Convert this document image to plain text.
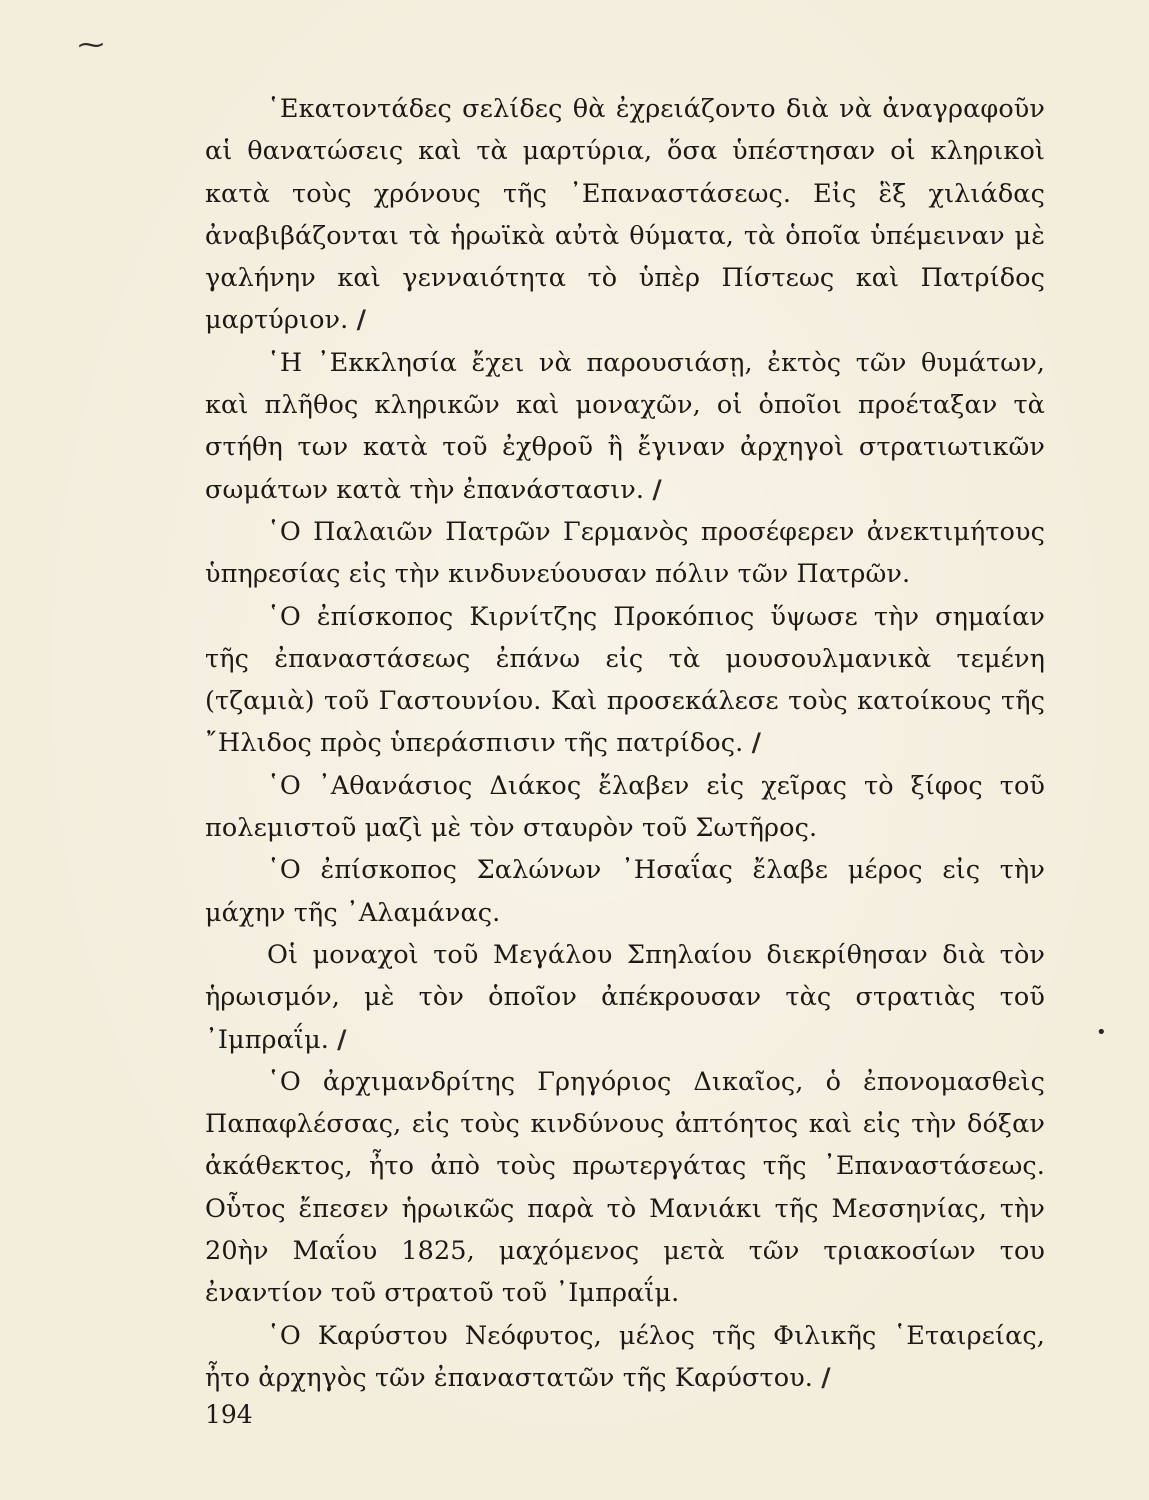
⁓

῾Εκατοντάδες σελίδες θὰ ἐχρειάζοντο διὰ νὰ ἀναγραφοῦν αἱ θανατώσεις καὶ τὰ μαρτύρια, ὅσα ὑπέστησαν οἱ κληρικοὶ κατὰ τοὺς χρόνους τῆς ᾿Επαναστάσεως. Εἰς ἓξ χιλιάδας ἀναβιβάζονται τὰ ἡρωϊκὰ αὐτὰ θύματα, τὰ ὁποῖα ὑπέμειναν μὲ γαλήνην καὶ γενναιότητα τὸ ὑπὲρ Πίστεως καὶ Πατρίδος μαρτύριον. /

῾Η ᾿Εκκλησία ἔχει νὰ παρουσιάσῃ, ἐκτὸς τῶν θυμάτων, καὶ πλῆθος κληρικῶν καὶ μοναχῶν, οἱ ὁποῖοι προέταξαν τὰ στήθη των κατὰ τοῦ ἐχθροῦ ἢ ἔγιναν ἀρχηγοὶ στρατιωτικῶν σωμάτων κατὰ τὴν ἐπανάστασιν. /

῾Ο Παλαιῶν Πατρῶν Γερμανὸς προσέφερεν ἀνεκτιμήτους ὑπηρεσίας εἰς τὴν κινδυνεύουσαν πόλιν τῶν Πατρῶν.

῾Ο ἐπίσκοπος Κιρνίτζης Προκόπιος ὕψωσε τὴν σημαίαν τῆς ἐπαναστάσεως ἐπάνω εἰς τὰ μουσουλμανικὰ τεμένη (τζαμιὰ) τοῦ Γαστουνίου. Καὶ προσεκάλεσε τοὺς κατοίκους τῆς ῎Ηλιδος πρὸς ὑπεράσπισιν τῆς πατρίδος. /

῾Ο ᾿Αθανάσιος Διάκος ἔλαβεν εἰς χεῖρας τὸ ξίφος τοῦ πολεμιστοῦ μαζὶ μὲ τὸν σταυρὸν τοῦ Σωτῆρος.

῾Ο ἐπίσκοπος Σαλώνων ᾿Ησαΐας ἔλαβε μέρος εἰς τὴν μάχην τῆς ᾿Αλαμάνας.

Οἱ μοναχοὶ τοῦ Μεγάλου Σπηλαίου διεκρίθησαν διὰ τὸν ἡρωισμόν, μὲ τὸν ὁποῖον ἀπέκρουσαν τὰς στρατιὰς τοῦ ᾿Ιμπραΐμ. /

῾Ο ἀρχιμανδρίτης Γρηγόριος Δικαῖος, ὁ ἐπονομασθεὶς Παπαφλέσσας, εἰς τοὺς κινδύνους ἀπτόητος καὶ εἰς τὴν δόξαν ἀκάθεκτος, ἦτο ἀπὸ τοὺς πρωτεργάτας τῆς ᾿Επαναστάσεως. Οὗτος ἔπεσεν ἡρωικῶς παρὰ τὸ Μανιάκι τῆς Μεσσηνίας, τὴν 20ὴν Μαΐου 1825, μαχόμενος μετὰ τῶν τριακοσίων του ἐναντίον τοῦ στρατοῦ τοῦ ᾿Ιμπραΐμ.

῾Ο Καρύστου Νεόφυτος, μέλος τῆς Φιλικῆς ῾Εταιρείας, ἦτο ἀρχηγὸς τῶν ἐπαναστατῶν τῆς Καρύστου. /

•
194
